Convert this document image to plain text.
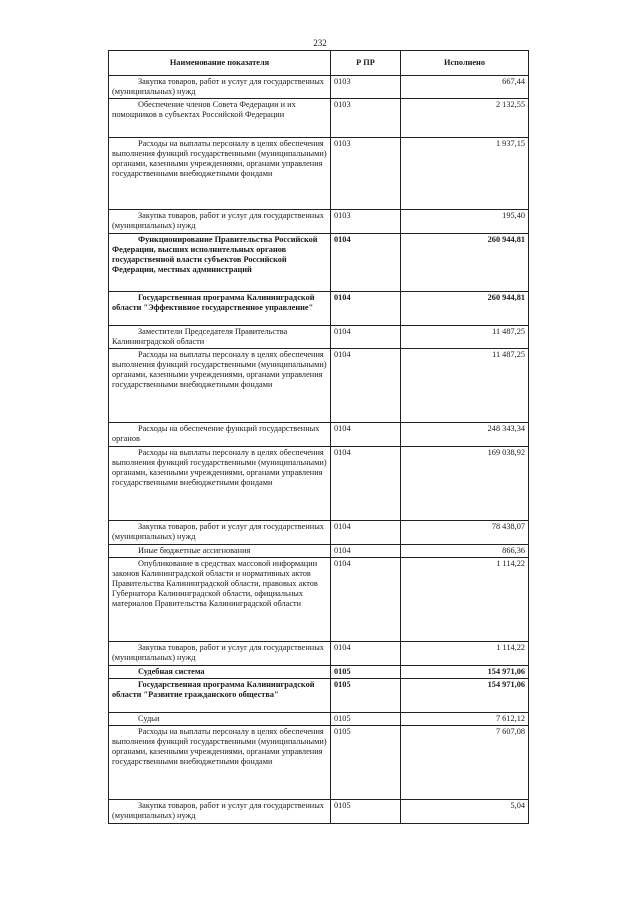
232
Наименование показателя	Р ПР	Исполнено
Закупка товаров, работ и услуг для государственных (муниципальных) нужд	0103	667,44
Обеспечение членов Совета Федерации и их помощников в субъектах Российской Федерации	0103	2 132,55
Расходы на выплаты персоналу в целях обеспечения выполнения функций государственными (муниципальными) органами, казенными учреждениями, органами управления государственными внебюджетными фондами	0103	1 937,15
Закупка товаров, работ и услуг для государственных (муниципальных) нужд	0103	195,40
Функционирование Правительства Российской Федерации, высших исполнительных органов государственной власти субъектов Российской Федерации, местных администраций	0104	260 944,81
Государственная программа Калининградской области "Эффективное государственное управление"	0104	260 944,81
Заместители Председателя Правительства Калининградской области	0104	11 487,25
Расходы на выплаты персоналу в целях обеспечения выполнения функций государственными (муниципальными) органами, казенными учреждениями, органами управления государственными внебюджетными фондами	0104	11 487,25
Расходы на обеспечение функций государственных органов	0104	248 343,34
Расходы на выплаты персоналу в целях обеспечения выполнения функций государственными (муниципальными) органами, казенными учреждениями, органами управления государственными внебюджетными фондами	0104	169 038,92
Закупка товаров, работ и услуг для государственных (муниципальных) нужд	0104	78 438,07
Иные бюджетные ассигнования	0104	866,36
Опубликование в средствах массовой информации законов Калининградской области и нормативных актов Правительства Калининградской области, правовых актов Губернатора Калининградской области, официальных материалов Правительства Калининградской области	0104	1 114,22
Закупка товаров, работ и услуг для государственных (муниципальных) нужд	0104	1 114,22
Судебная система	0105	154 971,06
Государственная программа Калининградской области "Развитие гражданского общества"	0105	154 971,06
Судьи	0105	7 612,12
Расходы на выплаты персоналу в целях обеспечения выполнения функций государственными (муниципальными) органами, казенными учреждениями, органами управления государственными внебюджетными фондами	0105	7 607,08
Закупка товаров, работ и услуг для государственных (муниципальных) нужд	0105	5,04
